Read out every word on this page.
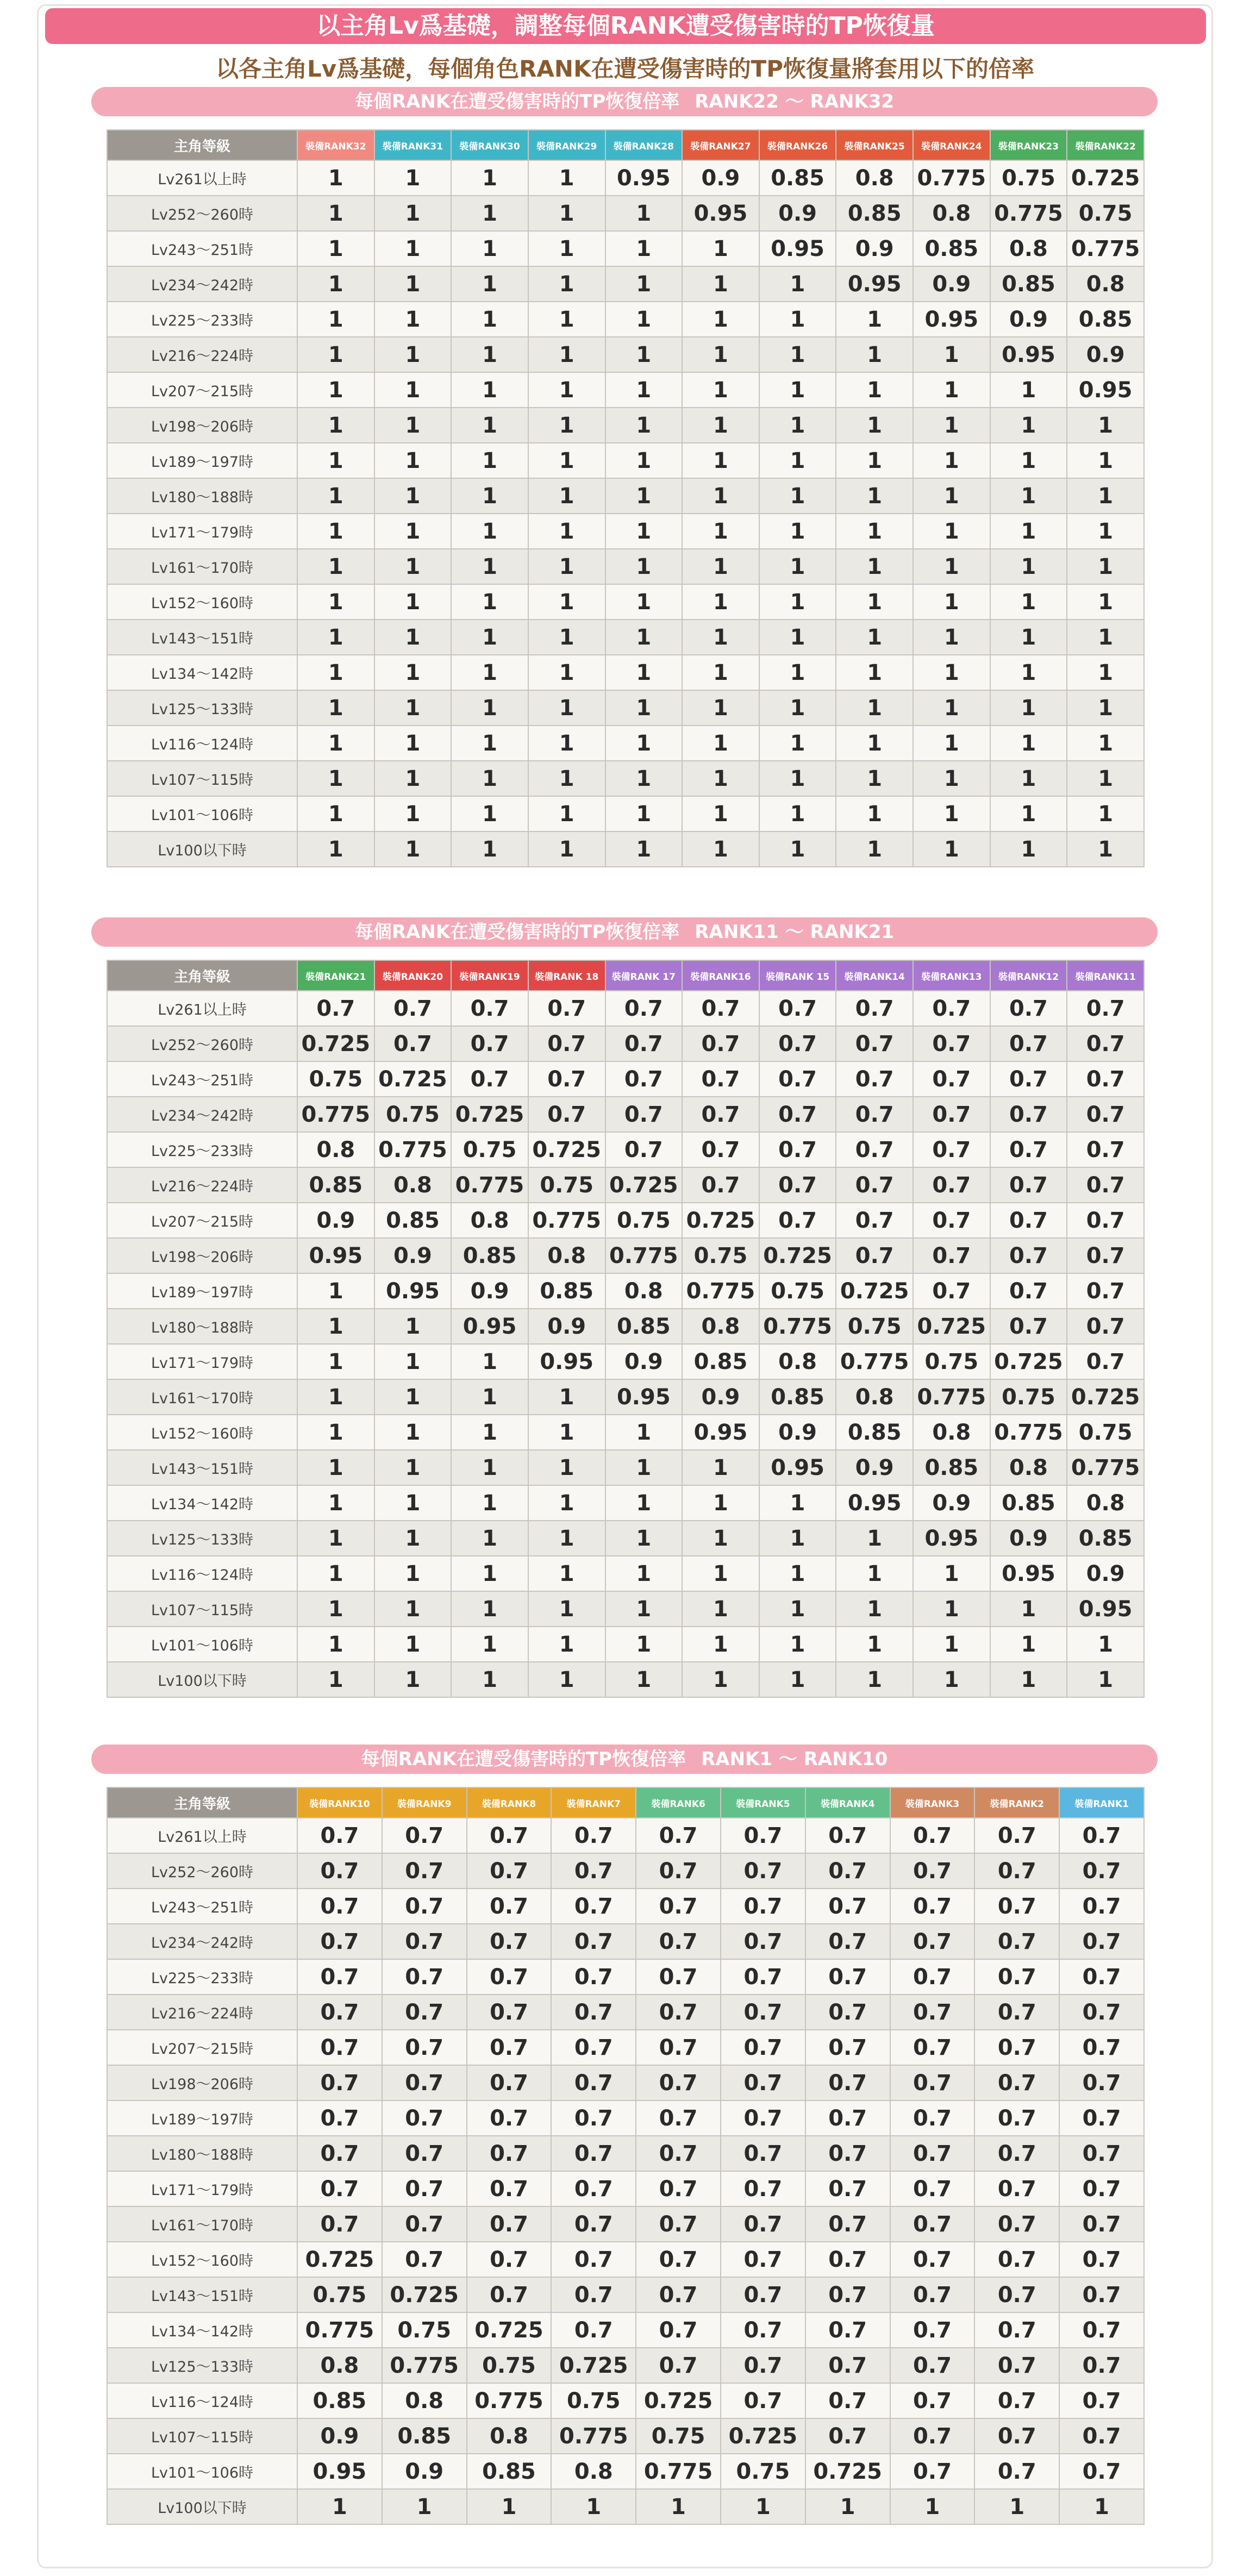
以主角Lv爲基礎，調整每個RANK遭受傷害時的TP恢復量
以各主角Lv爲基礎，每個角色RANK在遭受傷害時的TP恢復量將套用以下的倍率
每個RANK在遭受傷害時的TP恢復倍率 RANK22 ～ RANK32
主角等級	裝備RANK32	裝備RANK31	裝備RANK30	裝備RANK29	裝備RANK28	裝備RANK27	裝備RANK26	裝備RANK25	裝備RANK24	裝備RANK23	裝備RANK22
Lv261以上時	1	1	1	1	0.95	0.9	0.85	0.8	0.775	0.75	0.725
Lv252～260時	1	1	1	1	1	0.95	0.9	0.85	0.8	0.775	0.75
Lv243～251時	1	1	1	1	1	1	0.95	0.9	0.85	0.8	0.775
Lv234～242時	1	1	1	1	1	1	1	0.95	0.9	0.85	0.8
Lv225～233時	1	1	1	1	1	1	1	1	0.95	0.9	0.85
Lv216～224時	1	1	1	1	1	1	1	1	1	0.95	0.9
Lv207～215時	1	1	1	1	1	1	1	1	1	1	0.95
Lv198～206時	1	1	1	1	1	1	1	1	1	1	1
Lv189～197時	1	1	1	1	1	1	1	1	1	1	1
Lv180～188時	1	1	1	1	1	1	1	1	1	1	1
Lv171～179時	1	1	1	1	1	1	1	1	1	1	1
Lv161～170時	1	1	1	1	1	1	1	1	1	1	1
Lv152～160時	1	1	1	1	1	1	1	1	1	1	1
Lv143～151時	1	1	1	1	1	1	1	1	1	1	1
Lv134～142時	1	1	1	1	1	1	1	1	1	1	1
Lv125～133時	1	1	1	1	1	1	1	1	1	1	1
Lv116～124時	1	1	1	1	1	1	1	1	1	1	1
Lv107～115時	1	1	1	1	1	1	1	1	1	1	1
Lv101～106時	1	1	1	1	1	1	1	1	1	1	1
Lv100以下時	1	1	1	1	1	1	1	1	1	1	1
每個RANK在遭受傷害時的TP恢復倍率 RANK11 ～ RANK21
主角等級	裝備RANK21	裝備RANK20	裝備RANK19	裝備RANK 18	裝備RANK 17	裝備RANK16	裝備RANK 15	裝備RANK14	裝備RANK13	裝備RANK12	裝備RANK11
Lv261以上時	0.7	0.7	0.7	0.7	0.7	0.7	0.7	0.7	0.7	0.7	0.7
Lv252～260時	0.725	0.7	0.7	0.7	0.7	0.7	0.7	0.7	0.7	0.7	0.7
Lv243～251時	0.75	0.725	0.7	0.7	0.7	0.7	0.7	0.7	0.7	0.7	0.7
Lv234～242時	0.775	0.75	0.725	0.7	0.7	0.7	0.7	0.7	0.7	0.7	0.7
Lv225～233時	0.8	0.775	0.75	0.725	0.7	0.7	0.7	0.7	0.7	0.7	0.7
Lv216～224時	0.85	0.8	0.775	0.75	0.725	0.7	0.7	0.7	0.7	0.7	0.7
Lv207～215時	0.9	0.85	0.8	0.775	0.75	0.725	0.7	0.7	0.7	0.7	0.7
Lv198～206時	0.95	0.9	0.85	0.8	0.775	0.75	0.725	0.7	0.7	0.7	0.7
Lv189～197時	1	0.95	0.9	0.85	0.8	0.775	0.75	0.725	0.7	0.7	0.7
Lv180～188時	1	1	0.95	0.9	0.85	0.8	0.775	0.75	0.725	0.7	0.7
Lv171～179時	1	1	1	0.95	0.9	0.85	0.8	0.775	0.75	0.725	0.7
Lv161～170時	1	1	1	1	0.95	0.9	0.85	0.8	0.775	0.75	0.725
Lv152～160時	1	1	1	1	1	0.95	0.9	0.85	0.8	0.775	0.75
Lv143～151時	1	1	1	1	1	1	0.95	0.9	0.85	0.8	0.775
Lv134～142時	1	1	1	1	1	1	1	0.95	0.9	0.85	0.8
Lv125～133時	1	1	1	1	1	1	1	1	0.95	0.9	0.85
Lv116～124時	1	1	1	1	1	1	1	1	1	0.95	0.9
Lv107～115時	1	1	1	1	1	1	1	1	1	1	0.95
Lv101～106時	1	1	1	1	1	1	1	1	1	1	1
Lv100以下時	1	1	1	1	1	1	1	1	1	1	1
每個RANK在遭受傷害時的TP恢復倍率 RANK1 ～ RANK10
主角等級	裝備RANK10	裝備RANK9	裝備RANK8	裝備RANK7	裝備RANK6	裝備RANK5	裝備RANK4	裝備RANK3	裝備RANK2	裝備RANK1
Lv261以上時	0.7	0.7	0.7	0.7	0.7	0.7	0.7	0.7	0.7	0.7
Lv252～260時	0.7	0.7	0.7	0.7	0.7	0.7	0.7	0.7	0.7	0.7
Lv243～251時	0.7	0.7	0.7	0.7	0.7	0.7	0.7	0.7	0.7	0.7
Lv234～242時	0.7	0.7	0.7	0.7	0.7	0.7	0.7	0.7	0.7	0.7
Lv225～233時	0.7	0.7	0.7	0.7	0.7	0.7	0.7	0.7	0.7	0.7
Lv216～224時	0.7	0.7	0.7	0.7	0.7	0.7	0.7	0.7	0.7	0.7
Lv207～215時	0.7	0.7	0.7	0.7	0.7	0.7	0.7	0.7	0.7	0.7
Lv198～206時	0.7	0.7	0.7	0.7	0.7	0.7	0.7	0.7	0.7	0.7
Lv189～197時	0.7	0.7	0.7	0.7	0.7	0.7	0.7	0.7	0.7	0.7
Lv180～188時	0.7	0.7	0.7	0.7	0.7	0.7	0.7	0.7	0.7	0.7
Lv171～179時	0.7	0.7	0.7	0.7	0.7	0.7	0.7	0.7	0.7	0.7
Lv161～170時	0.7	0.7	0.7	0.7	0.7	0.7	0.7	0.7	0.7	0.7
Lv152～160時	0.725	0.7	0.7	0.7	0.7	0.7	0.7	0.7	0.7	0.7
Lv143～151時	0.75	0.725	0.7	0.7	0.7	0.7	0.7	0.7	0.7	0.7
Lv134～142時	0.775	0.75	0.725	0.7	0.7	0.7	0.7	0.7	0.7	0.7
Lv125～133時	0.8	0.775	0.75	0.725	0.7	0.7	0.7	0.7	0.7	0.7
Lv116～124時	0.85	0.8	0.775	0.75	0.725	0.7	0.7	0.7	0.7	0.7
Lv107～115時	0.9	0.85	0.8	0.775	0.75	0.725	0.7	0.7	0.7	0.7
Lv101～106時	0.95	0.9	0.85	0.8	0.775	0.75	0.725	0.7	0.7	0.7
Lv100以下時	1	1	1	1	1	1	1	1	1	1
